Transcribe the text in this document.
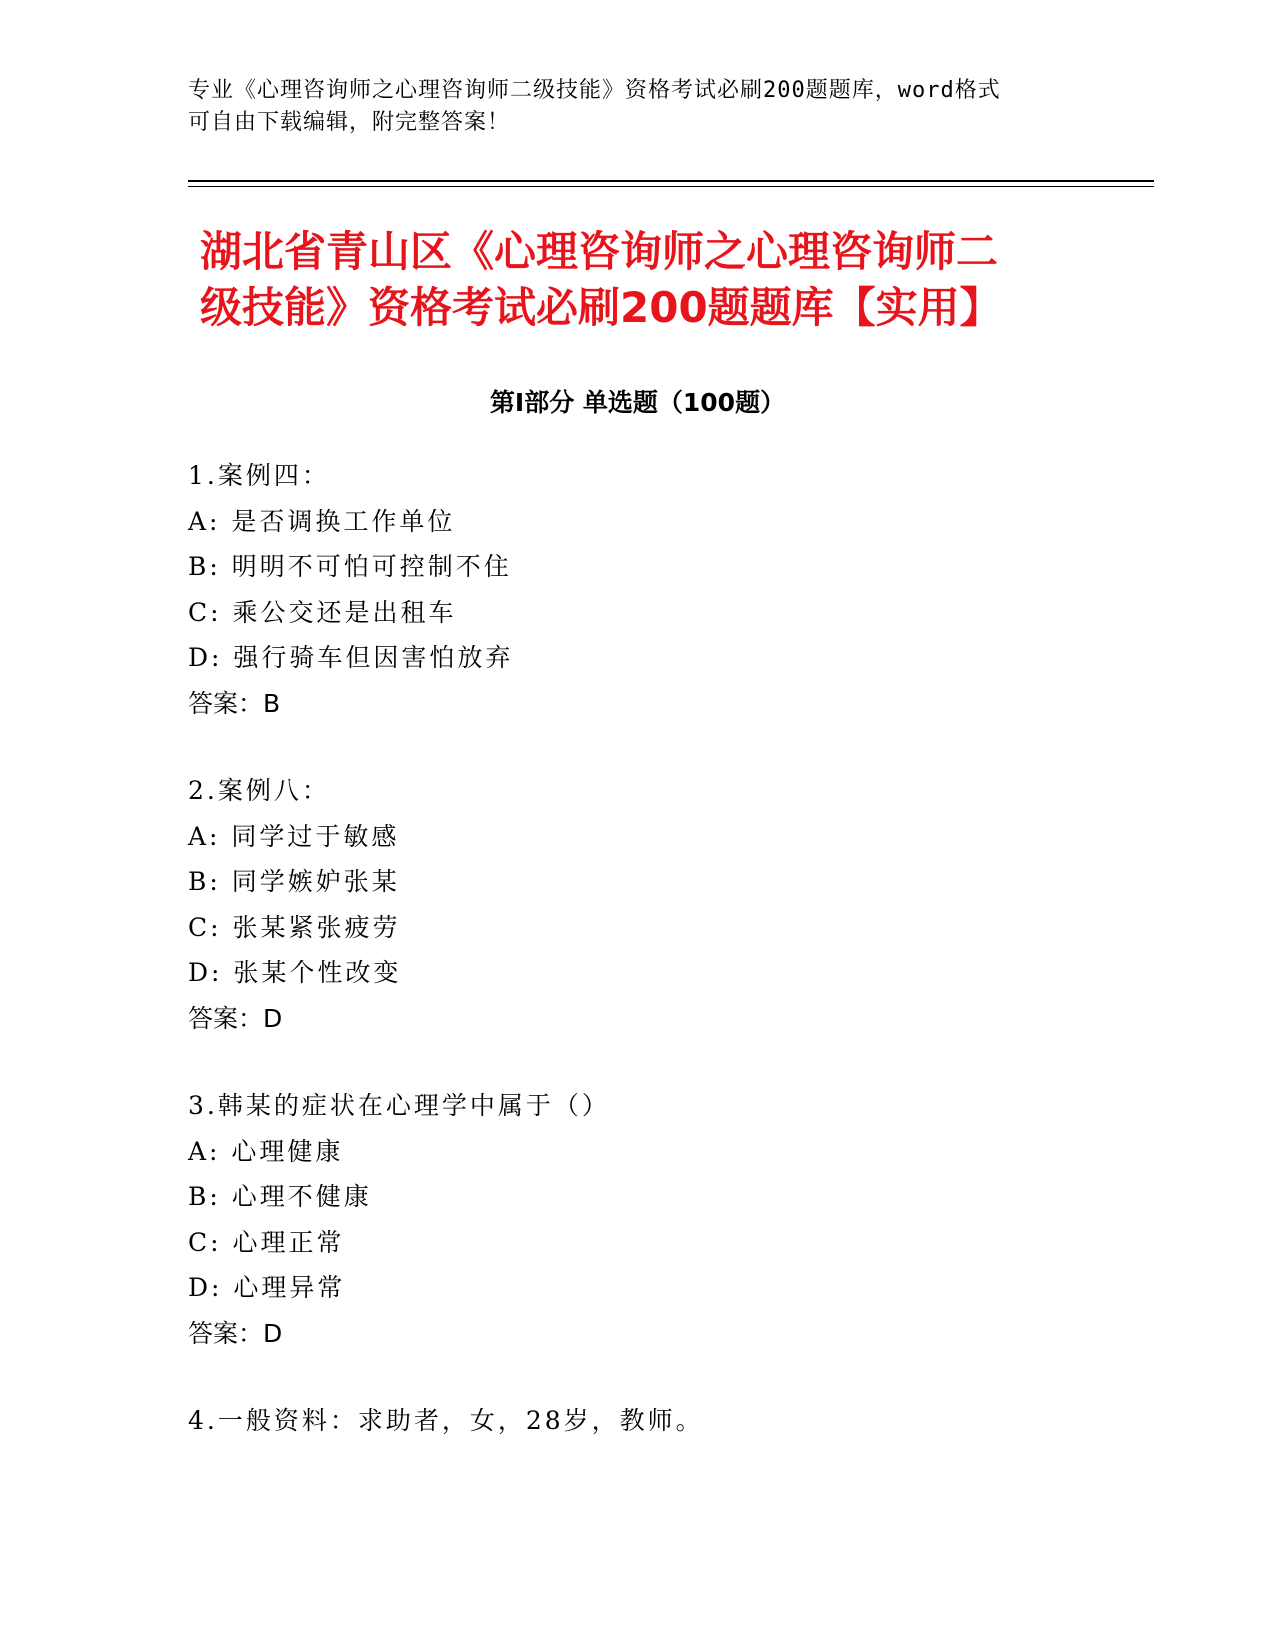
专业《心理咨询师之心理咨询师二级技能》资格考试必刷200题题库，word格式
可自由下载编辑，附完整答案！
湖北省青山区《心理咨询师之心理咨询师二
级技能》资格考试必刷200题题库【实用】
第Ⅰ部分 单选题（100题）
1.案例四：
A: 是否调换工作单位
B: 明明不可怕可控制不住
C: 乘公交还是出租车
D: 强行骑车但因害怕放弃
答案：B
2.案例八：
A: 同学过于敏感
B: 同学嫉妒张某
C: 张某紧张疲劳
D: 张某个性改变
答案：D
3.韩某的症状在心理学中属于（）
A: 心理健康
B: 心理不健康
C: 心理正常
D: 心理异常
答案：D
4.一般资料：求助者，女，28岁，教师。
